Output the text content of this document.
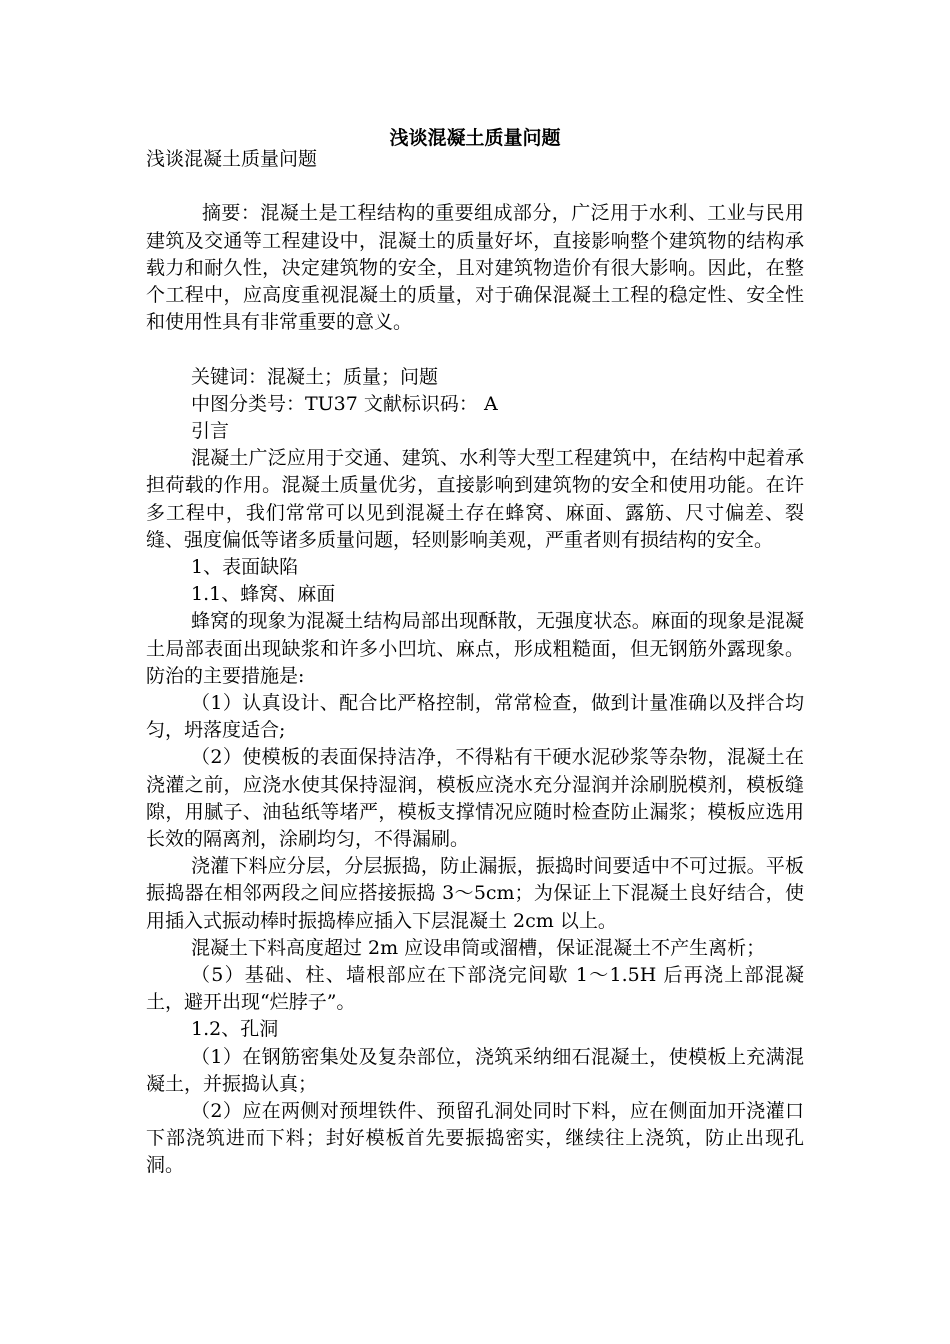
浅谈混凝土质量问题

浅谈混凝土质量问题

摘要：混凝土是工程结构的重要组成部分，广泛用于水利、工业与民用建筑及交通等工程建设中，混凝土的质量好坏，直接影响整个建筑物的结构承载力和耐久性，决定建筑物的安全，且对建筑物造价有很大影响。因此，在整个工程中，应高度重视混凝土的质量，对于确保混凝土工程的稳定性、安全性和使用性具有非常重要的意义。

关键词：混凝土；质量；问题

中图分类号：TU37 文献标识码： A

引言

混凝土广泛应用于交通、建筑、水利等大型工程建筑中，在结构中起着承担荷载的作用。混凝土质量优劣，直接影响到建筑物的安全和使用功能。在许多工程中，我们常常可以见到混凝土存在蜂窝、麻面、露筋、尺寸偏差、裂缝、强度偏低等诸多质量问题，轻则影响美观，严重者则有损结构的安全。

1、表面缺陷

1.1、蜂窝、麻面

蜂窝的现象为混凝土结构局部出现酥散，无强度状态。麻面的现象是混凝土局部表面出现缺浆和许多小凹坑、麻点，形成粗糙面，但无钢筋外露现象。防治的主要措施是:

（1）认真设计、配合比严格控制，常常检查，做到计量准确以及拌合均匀，坍落度适合;

（2）使模板的表面保持洁净，不得粘有干硬水泥砂浆等杂物，混凝土在浇灌之前，应浇水使其保持湿润，模板应浇水充分湿润并涂刷脱模剂，模板缝隙，用腻子、油毡纸等堵严，模板支撑情况应随时检查防止漏浆；模板应选用长效的隔离剂，涂刷均匀，不得漏刷。

浇灌下料应分层，分层振捣，防止漏振，振捣时间要适中不可过振。平板振捣器在相邻两段之间应搭接振捣 3～5cm；为保证上下混凝土良好结合，使用插入式振动棒时振捣棒应插入下层混凝土 2cm 以上。

混凝土下料高度超过 2m 应设串筒或溜槽，保证混凝土不产生离析；

（5）基础、柱、墙根部应在下部浇完间歇 1～1.5H 后再浇上部混凝土，避开出现“烂脖子”。

1.2、孔洞

（1）在钢筋密集处及复杂部位，浇筑采纳细石混凝土，使模板上充满混凝土，并振捣认真；

（2）应在两侧对预埋铁件、预留孔洞处同时下料，应在侧面加开浇灌口下部浇筑进而下料；封好模板首先要振捣密实，继续往上浇筑，防止出现孔洞。
